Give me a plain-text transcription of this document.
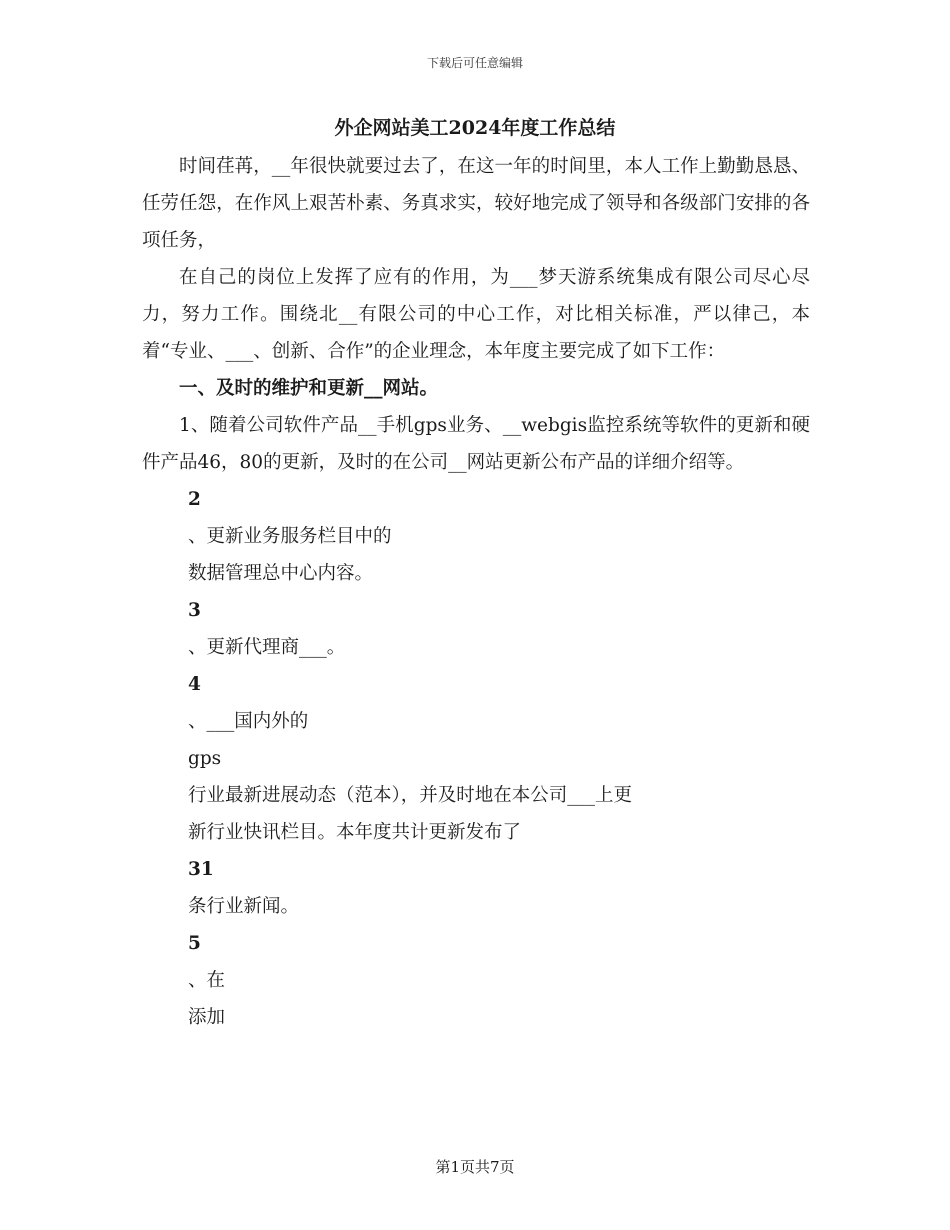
下载后可任意编辑
外企网站美工2024年度工作总结

时间荏苒，__年很快就要过去了，在这一年的时间里，本人工作上勤勤恳恳、任劳任怨，在作风上艰苦朴素、务真求实，较好地完成了领导和各级部门安排的各项任务，

在自己的岗位上发挥了应有的作用，为___梦天游系统集成有限公司尽心尽力，努力工作。围绕北__有限公司的中心工作，对比相关标准，严以律己，本着“专业、___、创新、合作”的企业理念，本年度主要完成了如下工作：

一、及时的维护和更新__网站。

1、随着公司软件产品__手机gps业务、__webgis监控系统等软件的更新和硬件产品46，80的更新，及时的在公司__网站更新公布产品的详细介绍等。

2
、更新业务服务栏目中的
数据管理总中心内容。
3
、更新代理商___。
4
、___国内外的
gps
行业最新进展动态（范本），并及时地在本公司___上更
新行业快讯栏目。本年度共计更新发布了
31
条行业新闻。
5
、在
添加
第1页共7页
